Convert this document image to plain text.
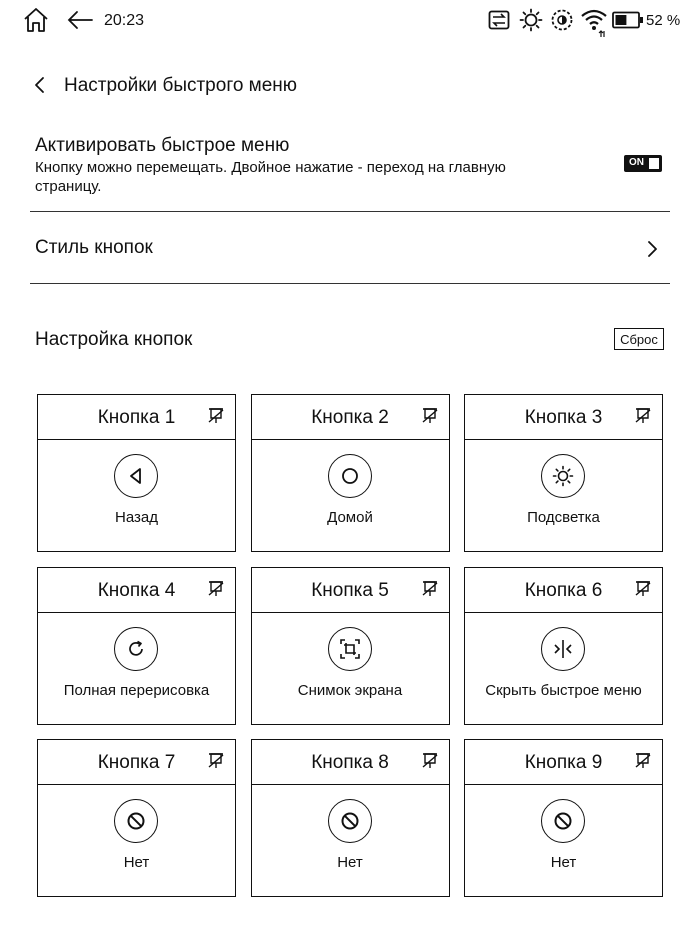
20:23	52 %
Настройки быстрого меню
Активировать быстрое меню
Кнопку можно перемещать. Двойное нажатие - переход на главную страницу.
ON
Стиль кнопок
Настройка кнопок	Сброс
Кнопка 1
Назад
Кнопка 2
Домой
Кнопка 3
Подсветка
Кнопка 4
Полная перерисовка
Кнопка 5
Снимок экрана
Кнопка 6
Скрыть быстрое меню
Кнопка 7
Нет
Кнопка 8
Нет
Кнопка 9
Нет
